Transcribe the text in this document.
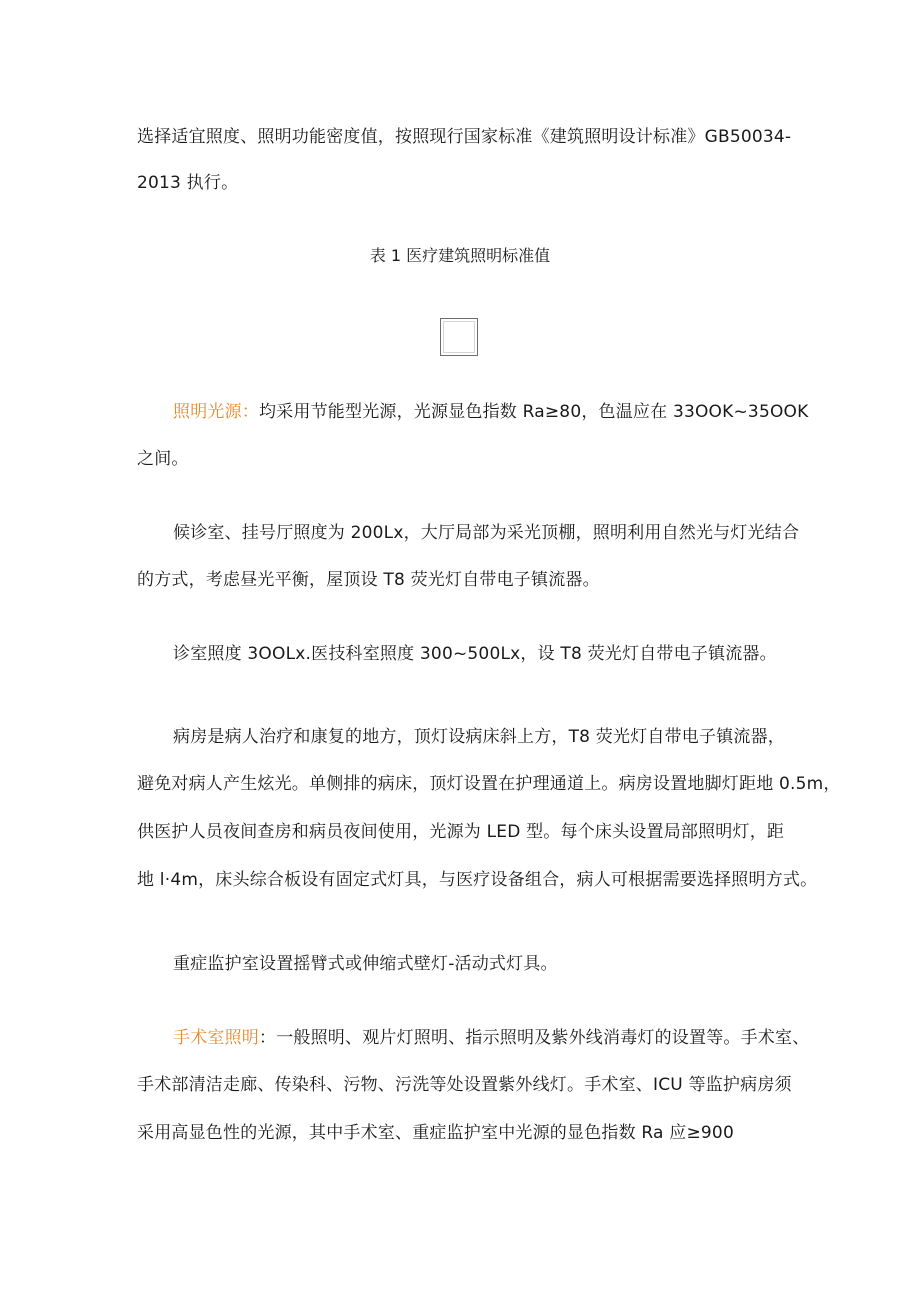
选择适宜照度、照明功能密度值，按照现行国家标准《建筑照明设计标准》GB50034-
2013 执行。
表 1 医疗建筑照明标准值
照明光源：均采用节能型光源，光源显色指数 Ra≥80，色温应在 33OOK~35OOK
之间。
候诊室、挂号厅照度为 200Lx，大厅局部为采光顶棚，照明利用自然光与灯光结合
的方式，考虑昼光平衡，屋顶设 T8 荧光灯自带电子镇流器。
诊室照度 3OOLx.医技科室照度 300~500Lx，设 T8 荧光灯自带电子镇流器。
病房是病人治疗和康复的地方，顶灯设病床斜上方，T8 荧光灯自带电子镇流器，
避免对病人产生炫光。单侧排的病床，顶灯设置在护理通道上。病房设置地脚灯距地 0.5m，
供医护人员夜间查房和病员夜间使用，光源为 LED 型。每个床头设置局部照明灯，距
地 l·4m，床头综合板设有固定式灯具，与医疗设备组合，病人可根据需要选择照明方式。
重症监护室设置摇臂式或伸缩式壁灯-活动式灯具。
手术室照明：一般照明、观片灯照明、指示照明及紫外线消毒灯的设置等。手术室、
手术部清洁走廊、传染科、污物、污洗等处设置紫外线灯。手术室、ICU 等监护病房须
采用高显色性的光源，其中手术室、重症监护室中光源的显色指数 Ra 应≥900
